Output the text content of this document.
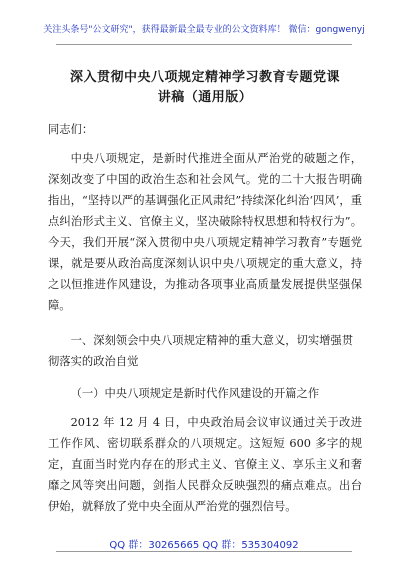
关注头条号"公文研究"，获得最新最全最专业的公文资料库！ 微信：gongwenyj
深入贯彻中央八项规定精神学习教育专题党课讲稿（通用版）

同志们：

中央八项规定，是新时代推进全面从严治党的破题之作，深刻改变了中国的政治生态和社会风气。党的二十大报告明确指出，“坚持以严的基调强化正风肃纪”持续深化纠治‘四风’，重点纠治形式主义、官僚主义，坚决破除特权思想和特权行为”。今天，我们开展“深入贯彻中央八项规定精神学习教育”专题党课，就是要从政治高度深刻认识中央八项规定的重大意义，持之以恒推进作风建设，为推动各项事业高质量发展提供坚强保障。

一、深刻领会中央八项规定精神的重大意义，切实增强贯彻落实的政治自觉

（一）中央八项规定是新时代作风建设的开篇之作

2012 年 12 月 4 日，中央政治局会议审议通过关于改进工作作风、密切联系群众的八项规定。这短短 600 多字的规定，直面当时党内存在的形式主义、官僚主义、享乐主义和奢靡之风等突出问题，剑指人民群众反映强烈的痛点难点。出台伊始，就释放了党中央全面从严治党的强烈信号。

QQ 群：30265665 QQ 群：535304092
